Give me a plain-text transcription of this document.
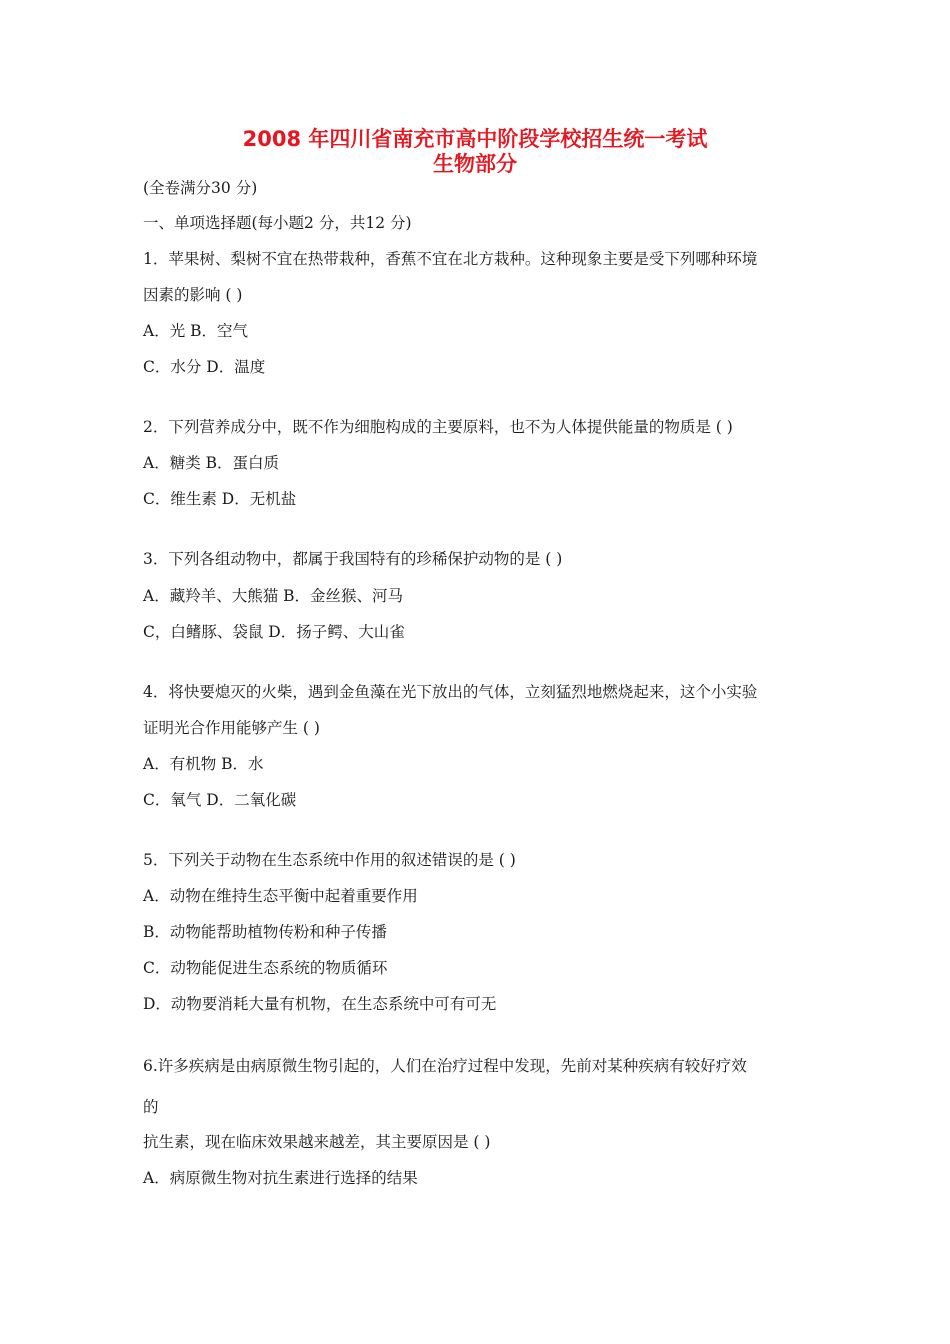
2008 年四川省南充市高中阶段学校招生统一考试
生物部分
(全卷满分30 分)
一、单项选择题(每小题2 分，共12 分)
1．苹果树、梨树不宜在热带栽种，香蕉不宜在北方栽种。这种现象主要是受下列哪种环境
因素的影响 ( )
A．光 B．空气
C．水分 D．温度
2．下列营养成分中，既不作为细胞构成的主要原料，也不为人体提供能量的物质是 ( )
A．糖类 B．蛋白质
C．维生素 D．无机盐
3．下列各组动物中，都属于我国特有的珍稀保护动物的是 ( )
A．藏羚羊、大熊猫 B．金丝猴、河马
C，白鳍豚、袋鼠 D．扬子鳄、大山雀
4．将快要熄灭的火柴，遇到金鱼藻在光下放出的气体，立刻猛烈地燃烧起来，这个小实验
证明光合作用能够产生 ( )
A．有机物 B．水
C．氧气 D．二氧化碳
5．下列关于动物在生态系统中作用的叙述错误的是 ( )
A．动物在维持生态平衡中起着重要作用
B．动物能帮助植物传粉和种子传播
C．动物能促进生态系统的物质循环
D．动物要消耗大量有机物，在生态系统中可有可无
6.许多疾病是由病原微生物引起的，人们在治疗过程中发现，先前对某种疾病有较好疗效
的
抗生素，现在临床效果越来越差，其主要原因是 ( )
A．病原微生物对抗生素进行选择的结果
